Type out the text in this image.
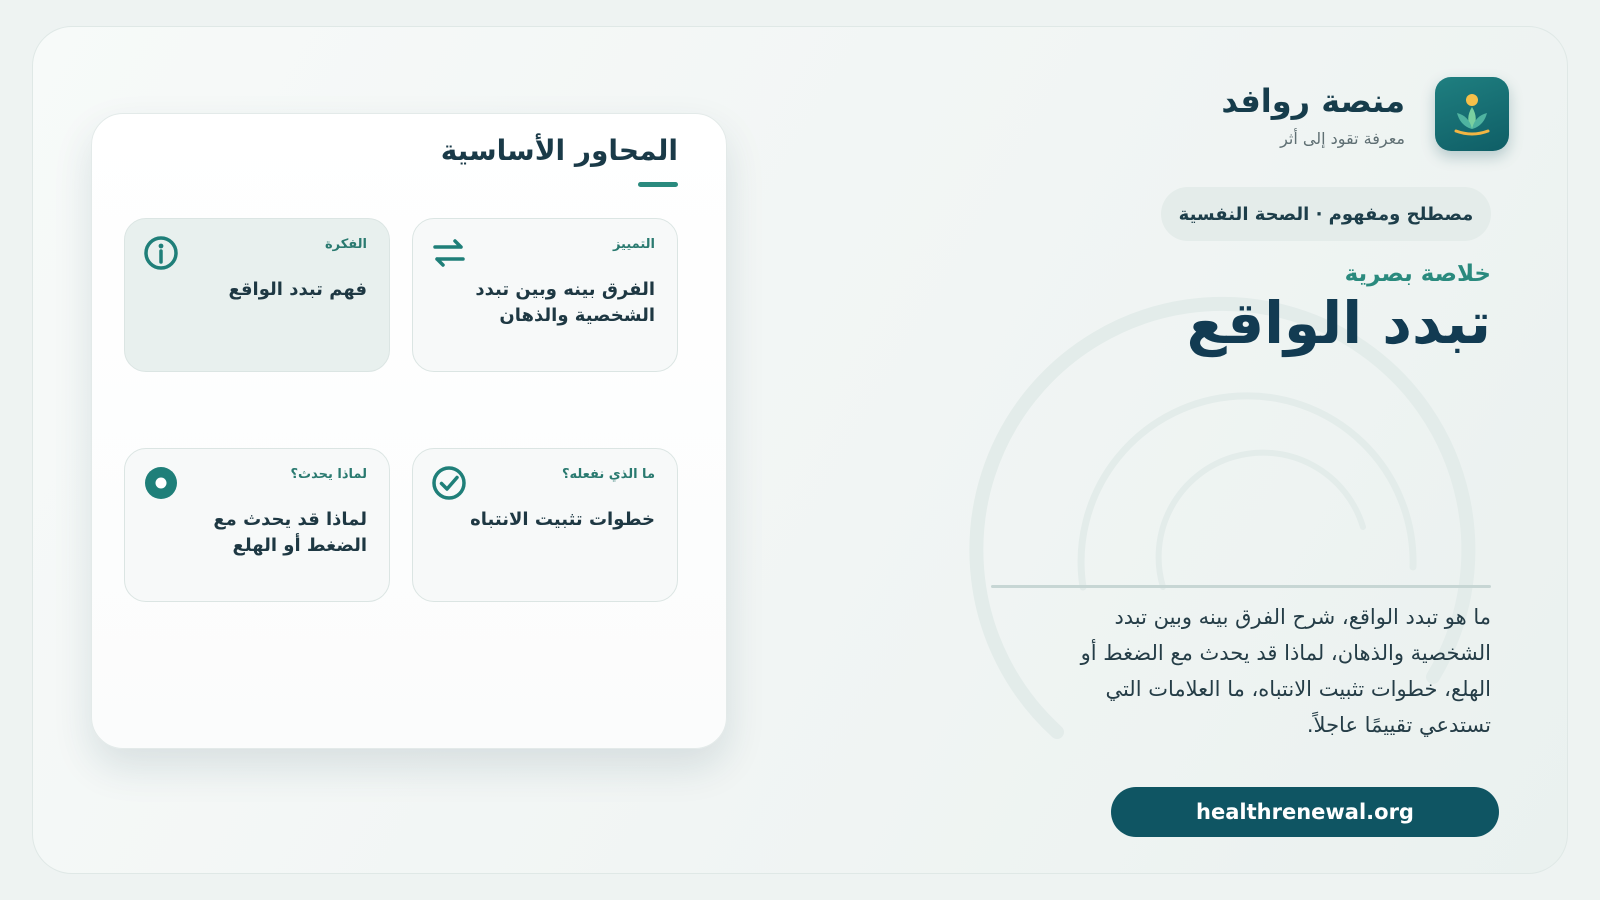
منصة روافد
معرفة تقود إلى أثر
مصطلح ومفهوم · الصحة النفسية
خلاصة بصرية
تبدد الواقع
ما هو تبدد الواقع، شرح الفرق بينه وبين تبدد الشخصية والذهان، لماذا قد يحدث مع الضغط أو الهلع، خطوات تثبيت الانتباه، ما العلامات التي تستدعي تقييمًا عاجلاً.
healthrenewal.org
المحاور الأساسية
التمييز
الفرق بينه وبين تبدد الشخصية والذهان
الفكرة
فهم تبدد الواقع
ما الذي نفعله؟
خطوات تثبيت الانتباه
لماذا يحدث؟
لماذا قد يحدث مع الضغط أو الهلع
